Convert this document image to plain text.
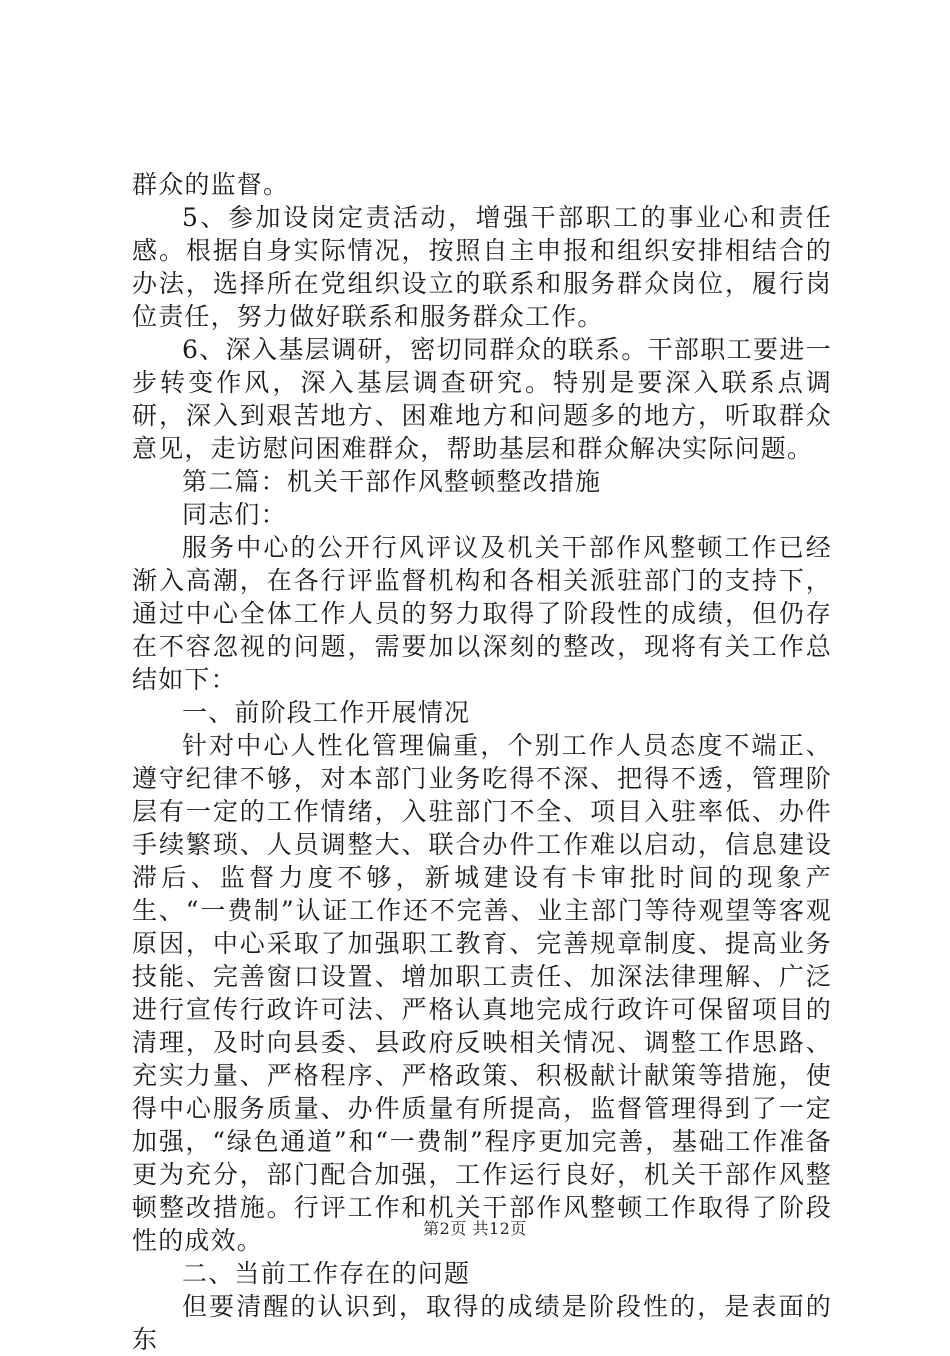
群众的监督。

5、参加设岗定责活动，增强干部职工的事业心和责任感。根据自身实际情况，按照自主申报和组织安排相结合的办法，选择所在党组织设立的联系和服务群众岗位，履行岗位责任，努力做好联系和服务群众工作。

6、深入基层调研，密切同群众的联系。干部职工要进一步转变作风，深入基层调查研究。特别是要深入联系点调研，深入到艰苦地方、困难地方和问题多的地方，听取群众意见，走访慰问困难群众，帮助基层和群众解决实际问题。

第二篇：机关干部作风整顿整改措施

同志们：

服务中心的公开行风评议及机关干部作风整顿工作已经渐入高潮，在各行评监督机构和各相关派驻部门的支持下，通过中心全体工作人员的努力取得了阶段性的成绩，但仍存在不容忽视的问题，需要加以深刻的整改，现将有关工作总结如下：

一、前阶段工作开展情况

针对中心人性化管理偏重，个别工作人员态度不端正、遵守纪律不够，对本部门业务吃得不深、把得不透，管理阶层有一定的工作情绪，入驻部门不全、项目入驻率低、办件手续繁琐、人员调整大、联合办件工作难以启动，信息建设滞后、监督力度不够，新城建设有卡审批时间的现象产生、“一费制”认证工作还不完善、业主部门等待观望等客观原因，中心采取了加强职工教育、完善规章制度、提高业务技能、完善窗口设置、增加职工责任、加深法律理解、广泛进行宣传行政许可法、严格认真地完成行政许可保留项目的清理，及时向县委、县政府反映相关情况、调整工作思路、充实力量、严格程序、严格政策、积极献计献策等措施，使得中心服务质量、办件质量有所提高，监督管理得到了一定加强，“绿色通道”和“一费制”程序更加完善，基础工作准备更为充分，部门配合加强，工作运行良好，机关干部作风整顿整改措施。行评工作和机关干部作风整顿工作取得了阶段性的成效。

二、当前工作存在的问题

但要清醒的认识到，取得的成绩是阶段性的，是表面的东

第2页 共12页
